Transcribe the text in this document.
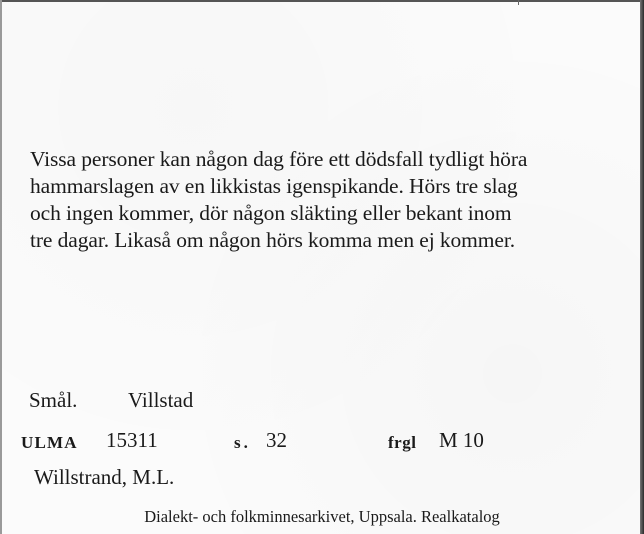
Vissa personer kan någon dag före ett dödsfall tydligt höra
hammarslagen av en likkistas igenspikande. Hörs tre slag
och ingen kommer, dör någon släkting eller bekant inom
tre dagar. Likaså om någon hörs komma men ej kommer.

Smål. Villstad
ULMA 15311	s. 32	frgl M 10
Willstrand, M.L.
Dialekt- och folkminnesarkivet, Uppsala. Realkatalog
